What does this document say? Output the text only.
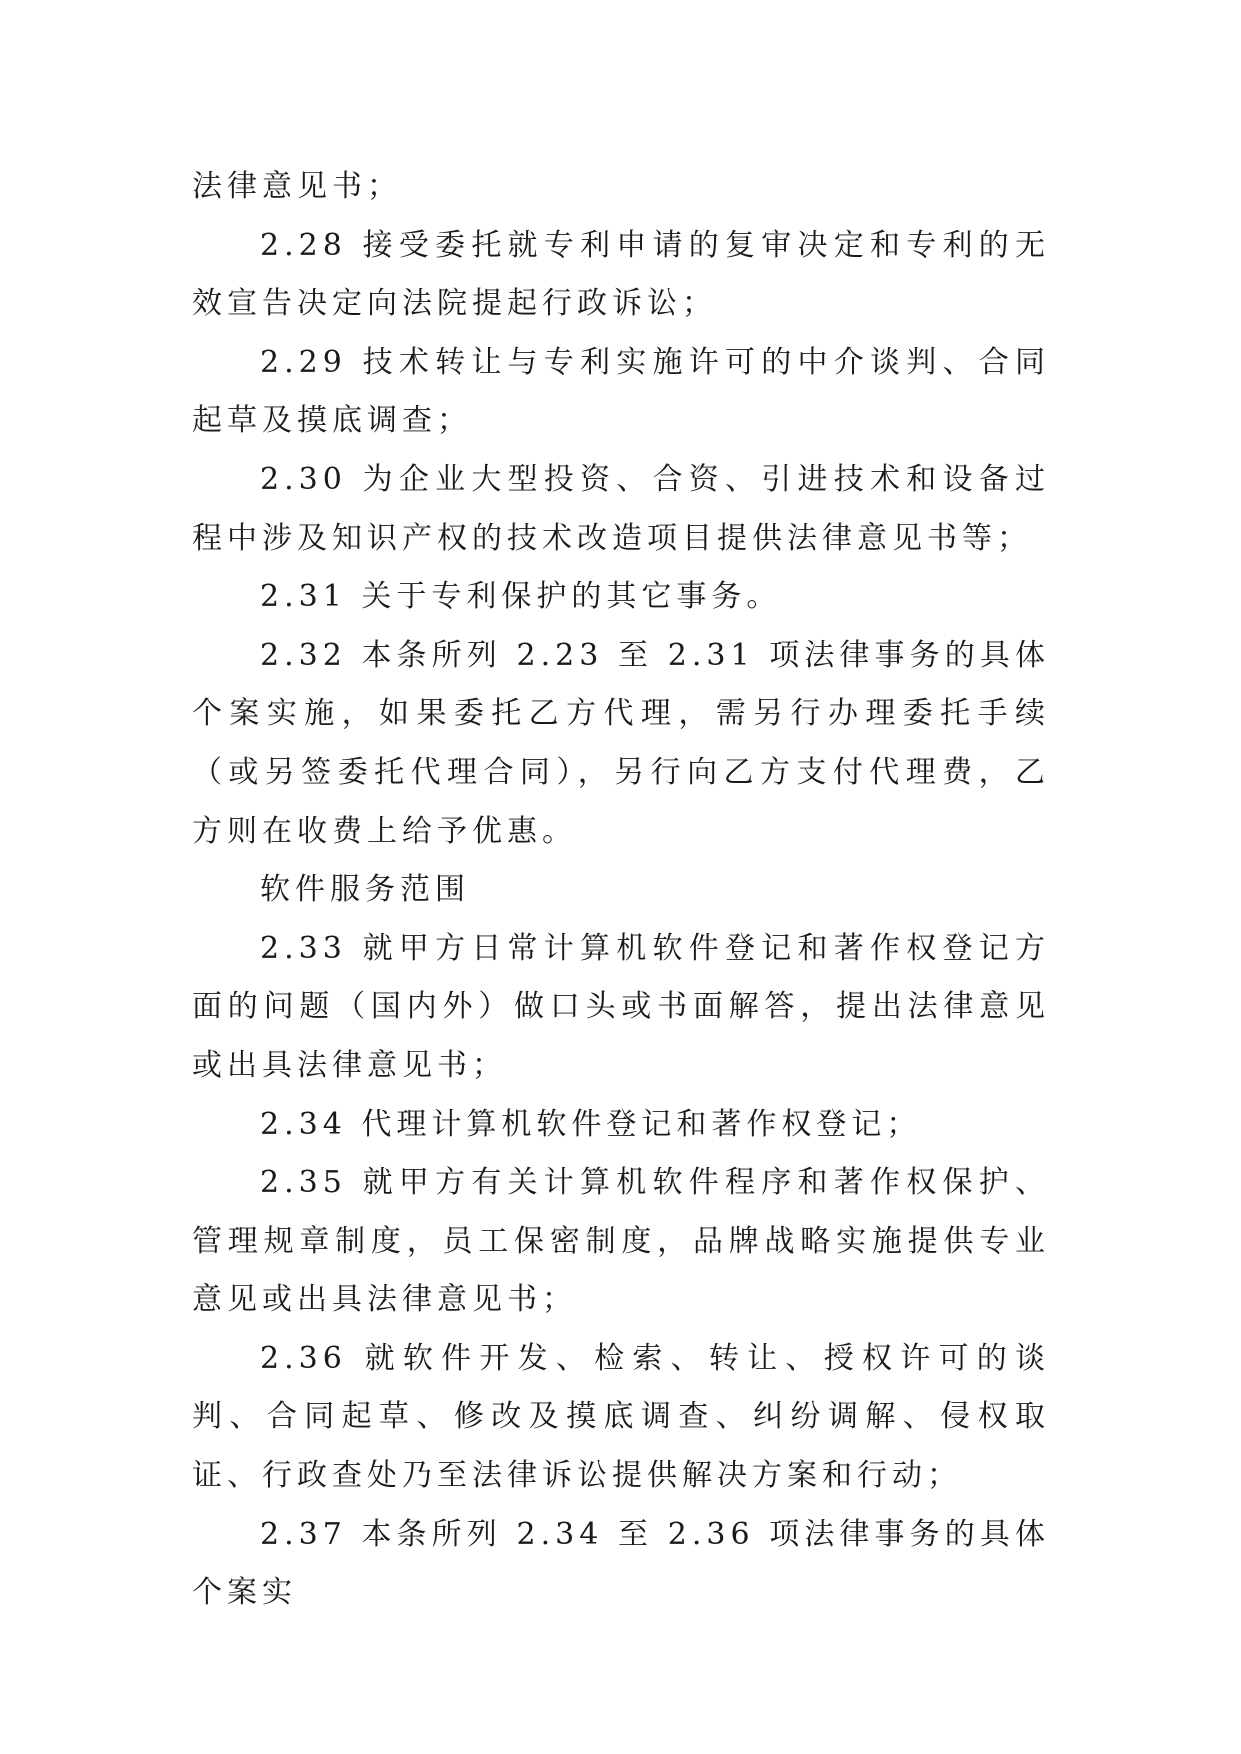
法律意见书；

2.28 接受委托就专利申请的复审决定和专利的无效宣告决定向法院提起行政诉讼；

2.29 技术转让与专利实施许可的中介谈判、合同起草及摸底调查；

2.30 为企业大型投资、合资、引进技术和设备过程中涉及知识产权的技术改造项目提供法律意见书等；

2.31 关于专利保护的其它事务。

2.32 本条所列 2.23 至 2.31 项法律事务的具体个案实施，如果委托乙方代理，需另行办理委托手续（或另签委托代理合同），另行向乙方支付代理费，乙方则在收费上给予优惠。

软件服务范围

2.33 就甲方日常计算机软件登记和著作权登记方面的问题（国内外）做口头或书面解答，提出法律意见或出具法律意见书；

2.34 代理计算机软件登记和著作权登记；

2.35 就甲方有关计算机软件程序和著作权保护、管理规章制度，员工保密制度，品牌战略实施提供专业意见或出具法律意见书；

2.36 就软件开发、检索、转让、授权许可的谈判、合同起草、修改及摸底调查、纠纷调解、侵权取证、行政查处乃至法律诉讼提供解决方案和行动；

2.37 本条所列 2.34 至 2.36 项法律事务的具体个案实
